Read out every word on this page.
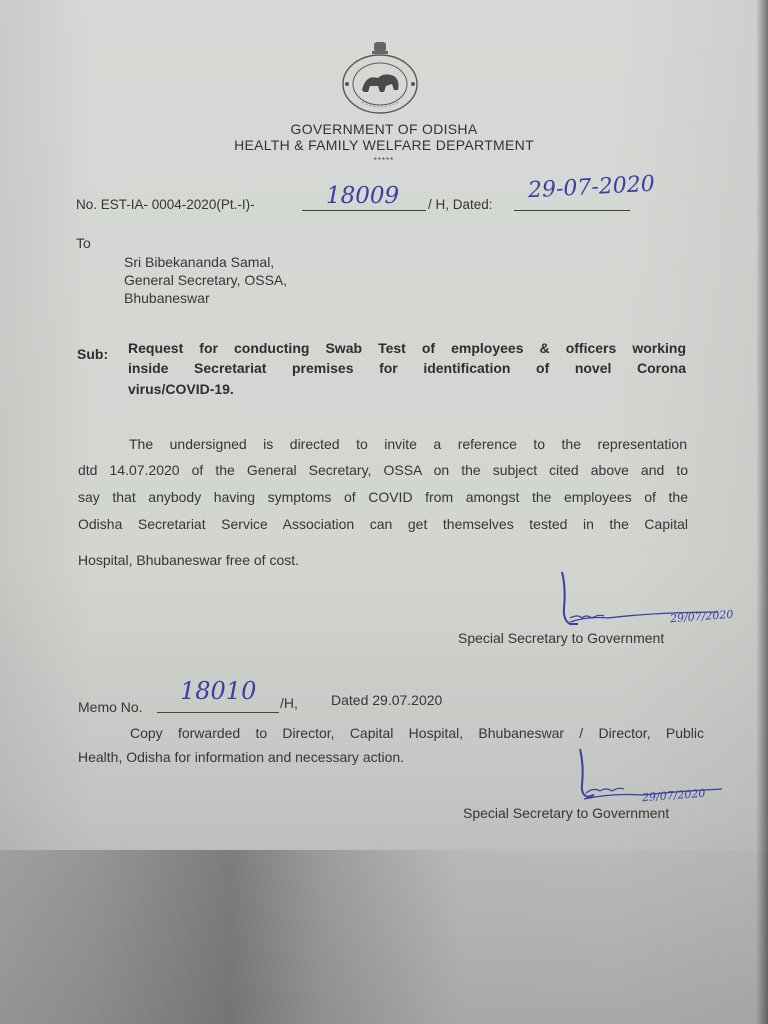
GOVERNMENT OF ODISHA
HEALTH & FAMILY WELFARE DEPARTMENT
*****
No. EST-IA- 0004-2020(Pt.-I)-	18009 / H, Dated:
29-07-2020
To
Sri Bibekananda Samal,
General Secretary, OSSA,
Bhubaneswar
Sub: Request for conducting Swab Test of employees & officers working
inside Secretariat premises for identification of novel Corona
virus/COVID-19.
The undersigned is directed to invite a reference to the representation
dtd 14.07.2020 of the General Secretary, OSSA on the subject cited above and to
say that anybody having symptoms of COVID from amongst the employees of the
Odisha Secretariat Service Association can get themselves tested in the Capital
Hospital, Bhubaneswar free of cost.
29/07/2020
Special Secretary to Government
Memo No.
18010 /H, Dated 29.07.2020
Copy forwarded to Director, Capital Hospital, Bhubaneswar / Director, Public
Health, Odisha for information and necessary action.
29/07/2020
Special Secretary to Government
